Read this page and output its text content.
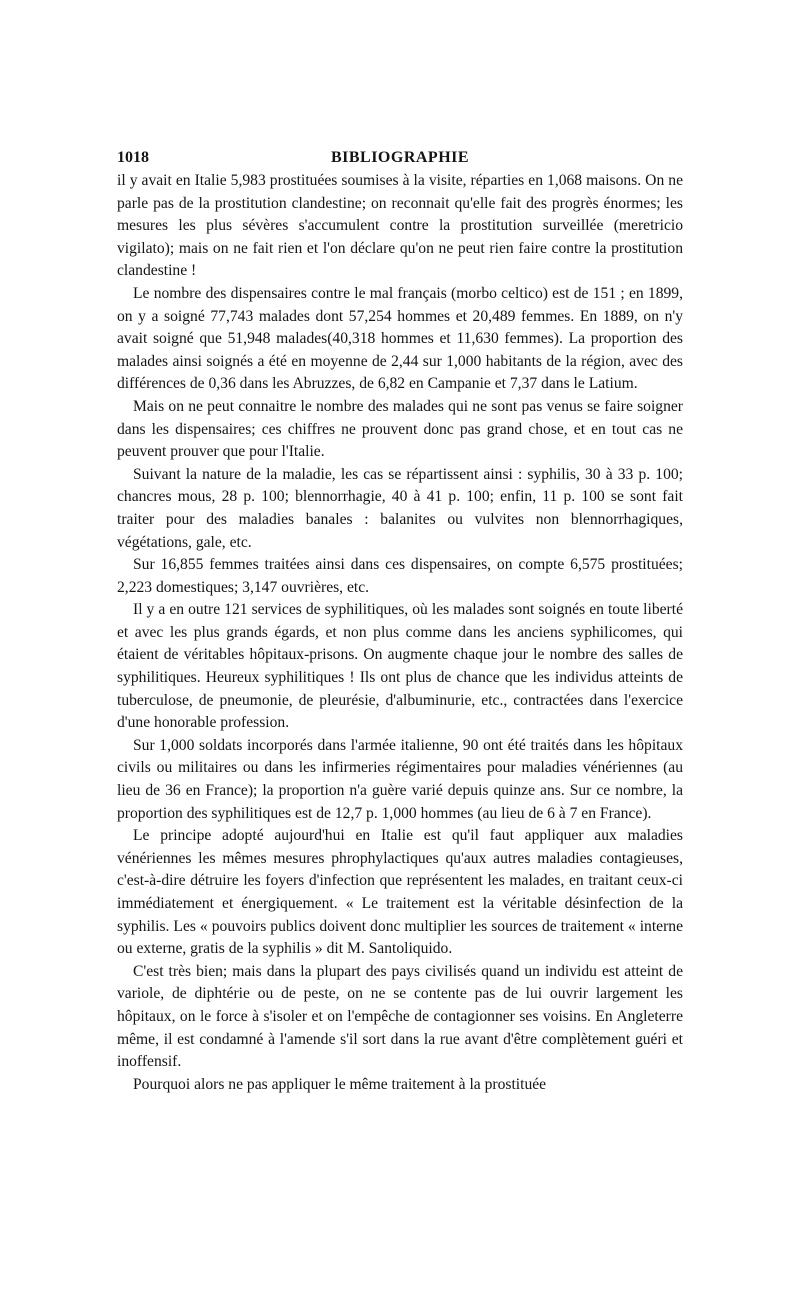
1018	BIBLIOGRAPHIE

il y avait en Italie 5,983 prostituées soumises à la visite, réparties en 1,068 maisons. On ne parle pas de la prostitution clandestine; on reconnait qu'elle fait des progrès énormes; les mesures les plus sévères s'accumulent contre la prostitution surveillée (meretricio vigilato); mais on ne fait rien et l'on déclare qu'on ne peut rien faire contre la prostitution clandestine !

Le nombre des dispensaires contre le mal français (morbo celtico) est de 151 ; en 1899, on y a soigné 77,743 malades dont 57,254 hommes et 20,489 femmes. En 1889, on n'y avait soigné que 51,948 malades(40,318 hommes et 11,630 femmes). La proportion des malades ainsi soignés a été en moyenne de 2,44 sur 1,000 habitants de la région, avec des différences de 0,36 dans les Abruzzes, de 6,82 en Campanie et 7,37 dans le Latium.

Mais on ne peut connaitre le nombre des malades qui ne sont pas venus se faire soigner dans les dispensaires; ces chiffres ne prouvent donc pas grand chose, et en tout cas ne peuvent prouver que pour l'Italie.

Suivant la nature de la maladie, les cas se répartissent ainsi : syphilis, 30 à 33 p. 100; chancres mous, 28 p. 100; blennorrhagie, 40 à 41 p. 100; enfin, 11 p. 100 se sont fait traiter pour des maladies banales : balanites ou vulvites non blennorrhagiques, végétations, gale, etc.

Sur 16,855 femmes traitées ainsi dans ces dispensaires, on compte 6,575 prostituées; 2,223 domestiques; 3,147 ouvrières, etc.

Il y a en outre 121 services de syphilitiques, où les malades sont soignés en toute liberté et avec les plus grands égards, et non plus comme dans les anciens syphilicomes, qui étaient de véritables hôpitaux-prisons. On augmente chaque jour le nombre des salles de syphilitiques. Heureux syphilitiques ! Ils ont plus de chance que les individus atteints de tuberculose, de pneumonie, de pleurésie, d'albuminurie, etc., contractées dans l'exercice d'une honorable profession.

Sur 1,000 soldats incorporés dans l'armée italienne, 90 ont été traités dans les hôpitaux civils ou militaires ou dans les infirmeries régimentaires pour maladies vénériennes (au lieu de 36 en France); la proportion n'a guère varié depuis quinze ans. Sur ce nombre, la proportion des syphilitiques est de 12,7 p. 1,000 hommes (au lieu de 6 à 7 en France).

Le principe adopté aujourd'hui en Italie est qu'il faut appliquer aux maladies vénériennes les mêmes mesures phrophylactiques qu'aux autres maladies contagieuses, c'est-à-dire détruire les foyers d'infection que représentent les malades, en traitant ceux-ci immédiatement et énergiquement. « Le traitement est la véritable désinfection de la syphilis. Les « pouvoirs publics doivent donc multiplier les sources de traitement « interne ou externe, gratis de la syphilis » dit M. Santoliquido.

C'est très bien; mais dans la plupart des pays civilisés quand un individu est atteint de variole, de diphtérie ou de peste, on ne se contente pas de lui ouvrir largement les hôpitaux, on le force à s'isoler et on l'empêche de contagionner ses voisins. En Angleterre même, il est condamné à l'amende s'il sort dans la rue avant d'être complètement guéri et inoffensif.

Pourquoi alors ne pas appliquer le même traitement à la prostituée
